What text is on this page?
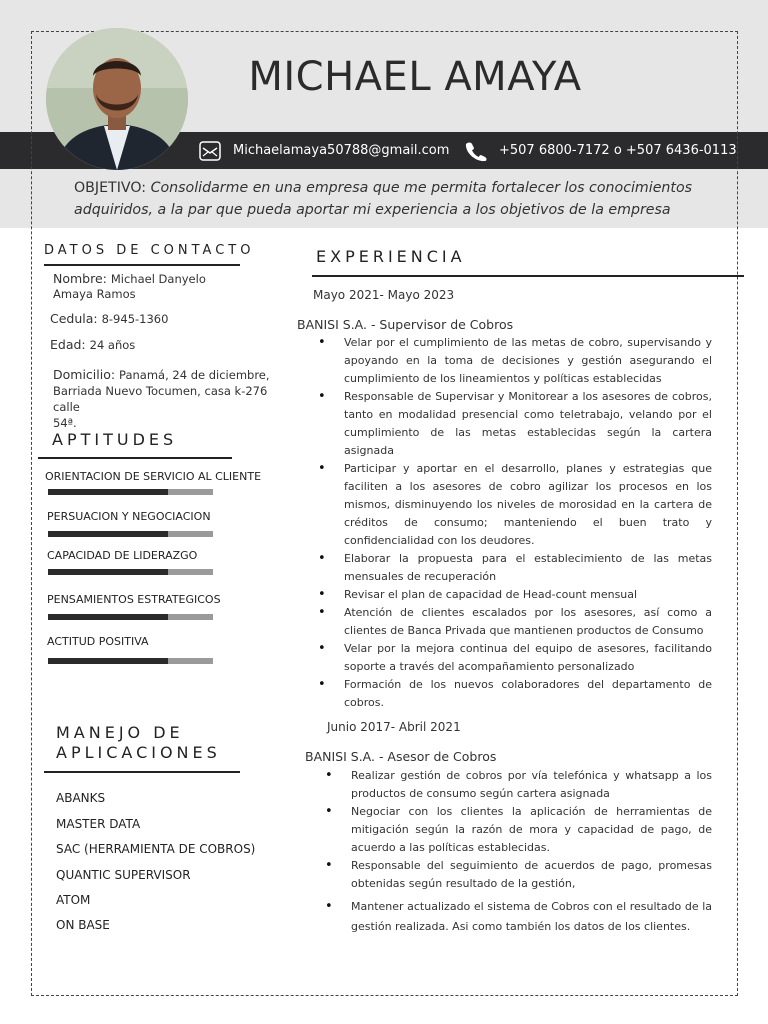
MICHAEL AMAYA
Michaelamaya50788@gmail.com	+507 6800-7172 o +507 6436-0113
OBJETIVO: Consolidarme en una empresa que me permita fortalecer los conocimientos adquiridos, a la par que pueda aportar mi experiencia a los objetivos de la empresa
DATOS DE CONTACTO
Nombre: Michael Danyelo
Amaya Ramos
Cedula: 8-945-1360
Edad: 24 años
Domicilio: Panamá, 24 de diciembre,
Barriada Nuevo Tocumen, casa k-276 calle
54ª.
APTITUDES
ORIENTACION DE SERVICIO AL CLIENTE
PERSUACION Y NEGOCIACION
CAPACIDAD DE LIDERAZGO
PENSAMIENTOS ESTRATEGICOS
ACTITUD POSITIVA
MANEJO DE
APLICACIONES
ABANKS
MASTER DATA
SAC (HERRAMIENTA DE COBROS)
QUANTIC SUPERVISOR
ATOM
ON BASE
EXPERIENCIA
Mayo 2021- Mayo 2023
BANISI S.A. - Supervisor de Cobros
• Velar por el cumplimiento de las metas de cobro, supervisando y apoyando en la toma de decisiones y gestión asegurando el cumplimiento de los lineamientos y políticas establecidas
• Responsable de Supervisar y Monitorear a los asesores de cobros, tanto en modalidad presencial como teletrabajo, velando por el cumplimiento de las metas establecidas según la cartera asignada
• Participar y aportar en el desarrollo, planes y estrategias que faciliten a los asesores de cobro agilizar los procesos en los mismos, disminuyendo los niveles de morosidad en la cartera de créditos de consumo; manteniendo el buen trato y confidencialidad con los deudores.
• Elaborar la propuesta para el establecimiento de las metas mensuales de recuperación
• Revisar el plan de capacidad de Head-count mensual
• Atención de clientes escalados por los asesores, así como a clientes de Banca Privada que mantienen productos de Consumo
• Velar por la mejora continua del equipo de asesores, facilitando soporte a través del acompañamiento personalizado
• Formación de los nuevos colaboradores del departamento de cobros.
Junio 2017- Abril 2021
BANISI S.A. - Asesor de Cobros
• Realizar gestión de cobros por vía telefónica y whatsapp a los productos de consumo según cartera asignada
• Negociar con los clientes la aplicación de herramientas de mitigación según la razón de mora y capacidad de pago, de acuerdo a las políticas establecidas.
• Responsable del seguimiento de acuerdos de pago, promesas obtenidas según resultado de la gestión,
• Mantener actualizado el sistema de Cobros con el resultado de la gestión realizada. Asi como también los datos de los clientes.
